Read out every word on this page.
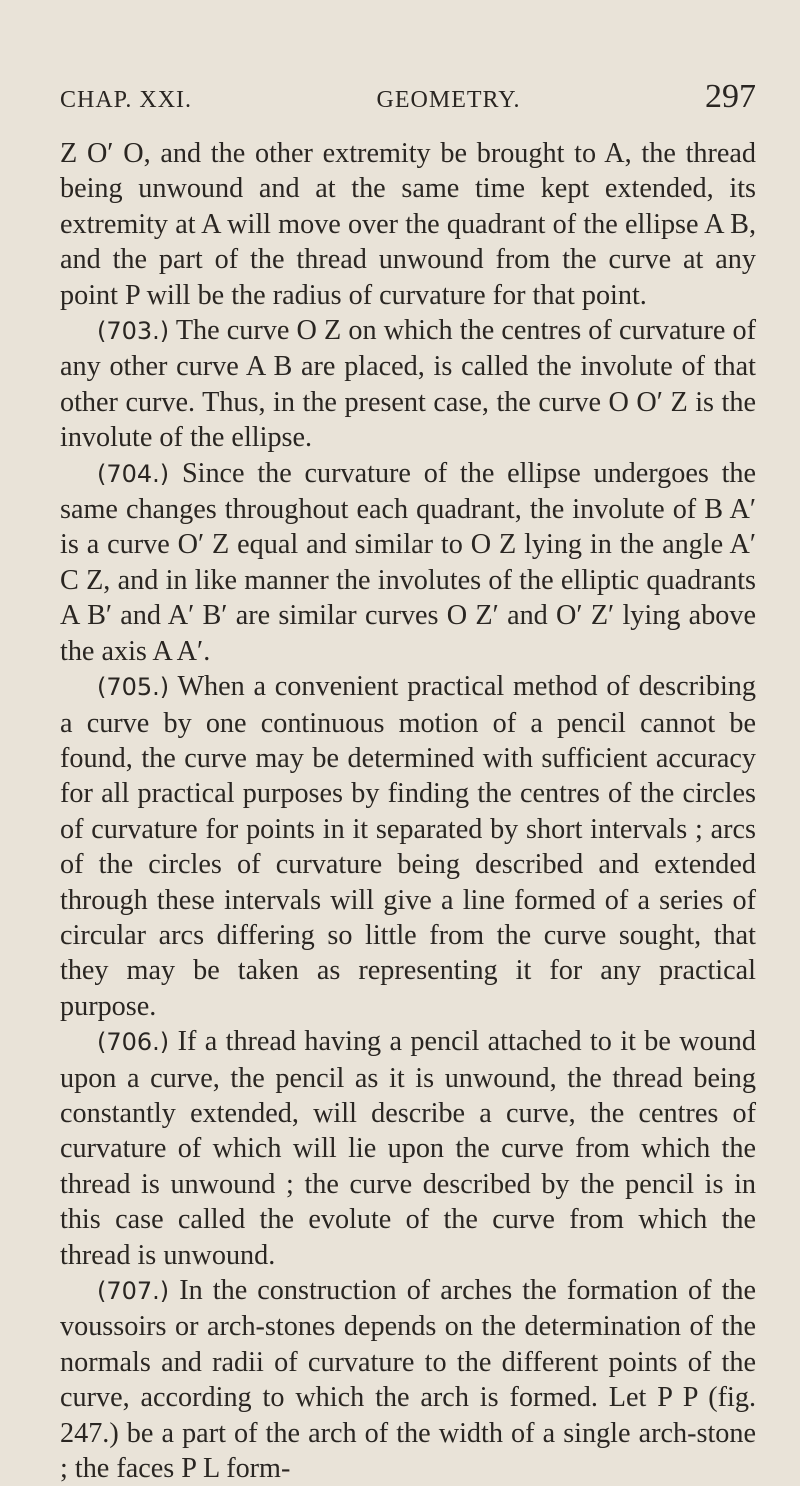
CHAP. XXI.	GEOMETRY.	297

Z O′ O, and the other extremity be brought to A, the thread being unwound and at the same time kept extended, its extremity at A will move over the quadrant of the ellipse A B, and the part of the thread unwound from the curve at any point P will be the radius of curvature for that point.

(703.) The curve O Z on which the centres of curvature of any other curve A B are placed, is called the involute of that other curve. Thus, in the present case, the curve O O′ Z is the involute of the ellipse.

(704.) Since the curvature of the ellipse undergoes the same changes throughout each quadrant, the involute of B A′ is a curve O′ Z equal and similar to O Z lying in the angle A′ C Z, and in like manner the involutes of the elliptic quadrants A B′ and A′ B′ are similar curves O Z′ and O′ Z′ lying above the axis A A′.

(705.) When a convenient practical method of describing a curve by one continuous motion of a pencil cannot be found, the curve may be determined with sufficient accuracy for all practical purposes by finding the centres of the circles of curvature for points in it separated by short intervals ; arcs of the circles of curvature being described and extended through these intervals will give a line formed of a series of circular arcs differing so little from the curve sought, that they may be taken as representing it for any practical purpose.

(706.) If a thread having a pencil attached to it be wound upon a curve, the pencil as it is unwound, the thread being constantly extended, will describe a curve, the centres of curvature of which will lie upon the curve from which the thread is unwound ; the curve described by the pencil is in this case called the evolute of the curve from which the thread is unwound.

(707.) In the construction of arches the formation of the voussoirs or arch-stones depends on the determination of the normals and radii of curvature to the different points of the curve, according to which the arch is formed. Let P P (fig. 247.) be a part of the arch of the width of a single arch-stone ; the faces P L form-
